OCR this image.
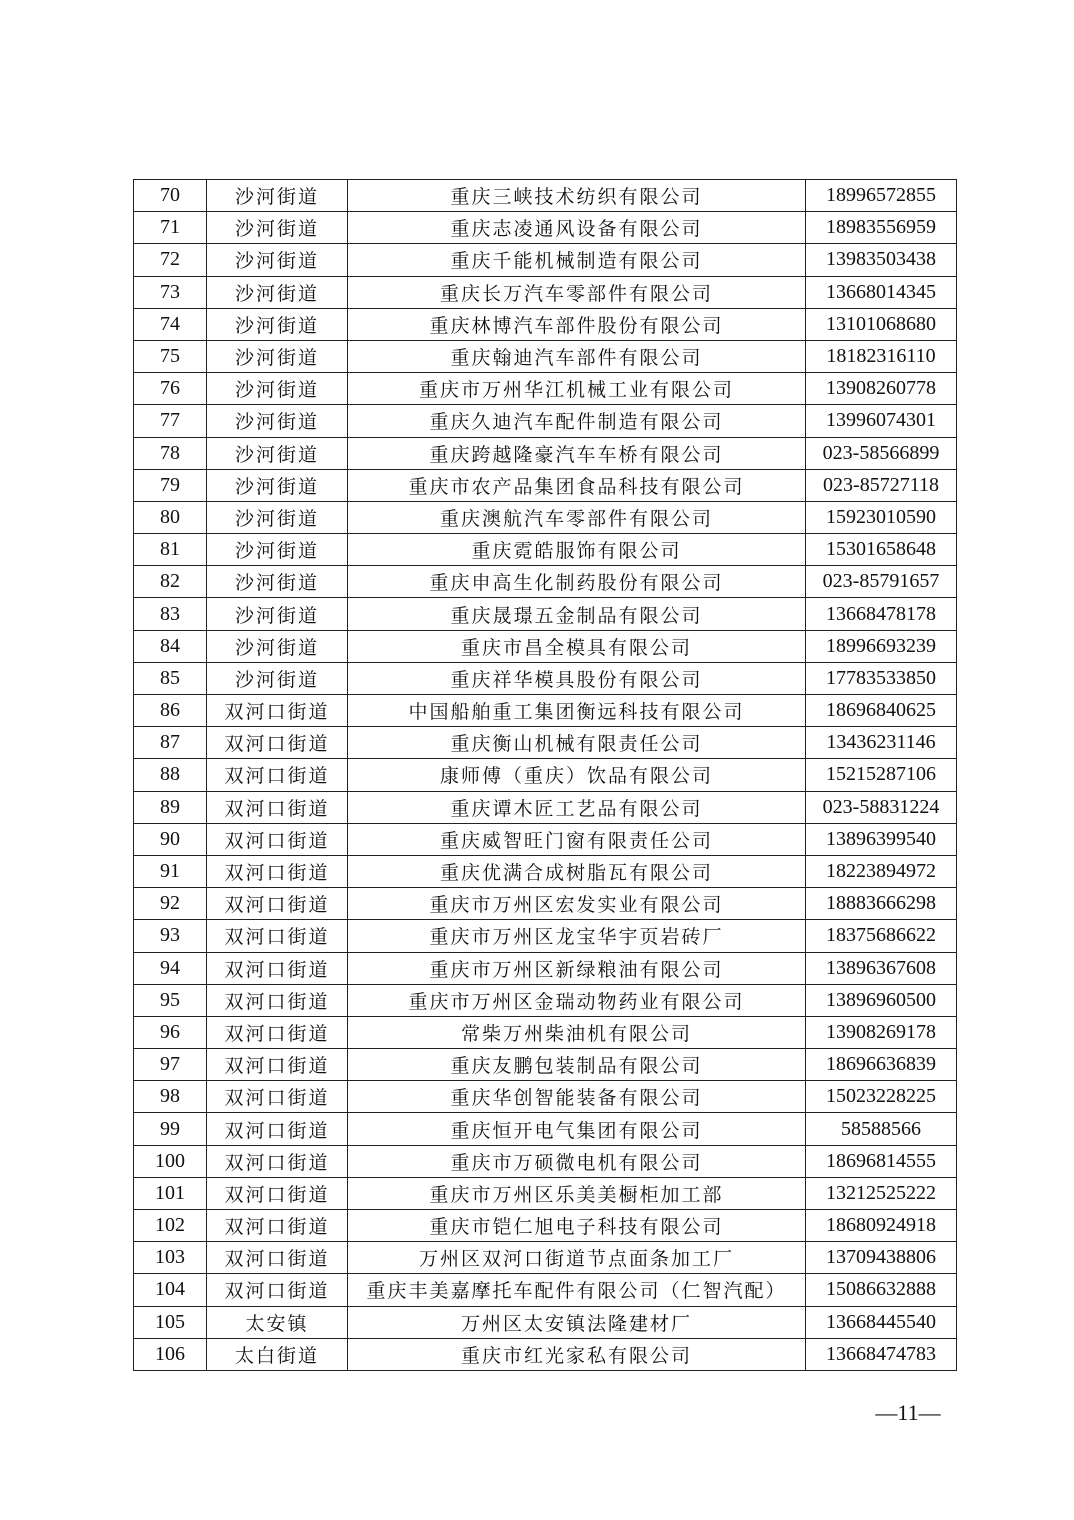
70	沙河街道	重庆三峡技术纺织有限公司	18996572855
71	沙河街道	重庆志凌通风设备有限公司	18983556959
72	沙河街道	重庆千能机械制造有限公司	13983503438
73	沙河街道	重庆长万汽车零部件有限公司	13668014345
74	沙河街道	重庆林博汽车部件股份有限公司	13101068680
75	沙河街道	重庆翰迪汽车部件有限公司	18182316110
76	沙河街道	重庆市万州华江机械工业有限公司	13908260778
77	沙河街道	重庆久迪汽车配件制造有限公司	13996074301
78	沙河街道	重庆跨越隆豪汽车车桥有限公司	023-58566899
79	沙河街道	重庆市农产品集团食品科技有限公司	023-85727118
80	沙河街道	重庆澳航汽车零部件有限公司	15923010590
81	沙河街道	重庆霓皓服饰有限公司	15301658648
82	沙河街道	重庆申高生化制药股份有限公司	023-85791657
83	沙河街道	重庆晟璟五金制品有限公司	13668478178
84	沙河街道	重庆市昌全模具有限公司	18996693239
85	沙河街道	重庆祥华模具股份有限公司	17783533850
86	双河口街道	中国船舶重工集团衡远科技有限公司	18696840625
87	双河口街道	重庆衡山机械有限责任公司	13436231146
88	双河口街道	康师傅（重庆）饮品有限公司	15215287106
89	双河口街道	重庆谭木匠工艺品有限公司	023-58831224
90	双河口街道	重庆威智旺门窗有限责任公司	13896399540
91	双河口街道	重庆优满合成树脂瓦有限公司	18223894972
92	双河口街道	重庆市万州区宏发实业有限公司	18883666298
93	双河口街道	重庆市万州区龙宝华宇页岩砖厂	18375686622
94	双河口街道	重庆市万州区新绿粮油有限公司	13896367608
95	双河口街道	重庆市万州区金瑞动物药业有限公司	13896960500
96	双河口街道	常柴万州柴油机有限公司	13908269178
97	双河口街道	重庆友鹏包装制品有限公司	18696636839
98	双河口街道	重庆华创智能装备有限公司	15023228225
99	双河口街道	重庆恒开电气集团有限公司	58588566
100	双河口街道	重庆市万硕微电机有限公司	18696814555
101	双河口街道	重庆市万州区乐美美橱柜加工部	13212525222
102	双河口街道	重庆市铠仁旭电子科技有限公司	18680924918
103	双河口街道	万州区双河口街道节点面条加工厂	13709438806
104	双河口街道	重庆丰美嘉摩托车配件有限公司（仁智汽配）	15086632888
105	太安镇	万州区太安镇法隆建材厂	13668445540
106	太白街道	重庆市红光家私有限公司	13668474783
—11—
